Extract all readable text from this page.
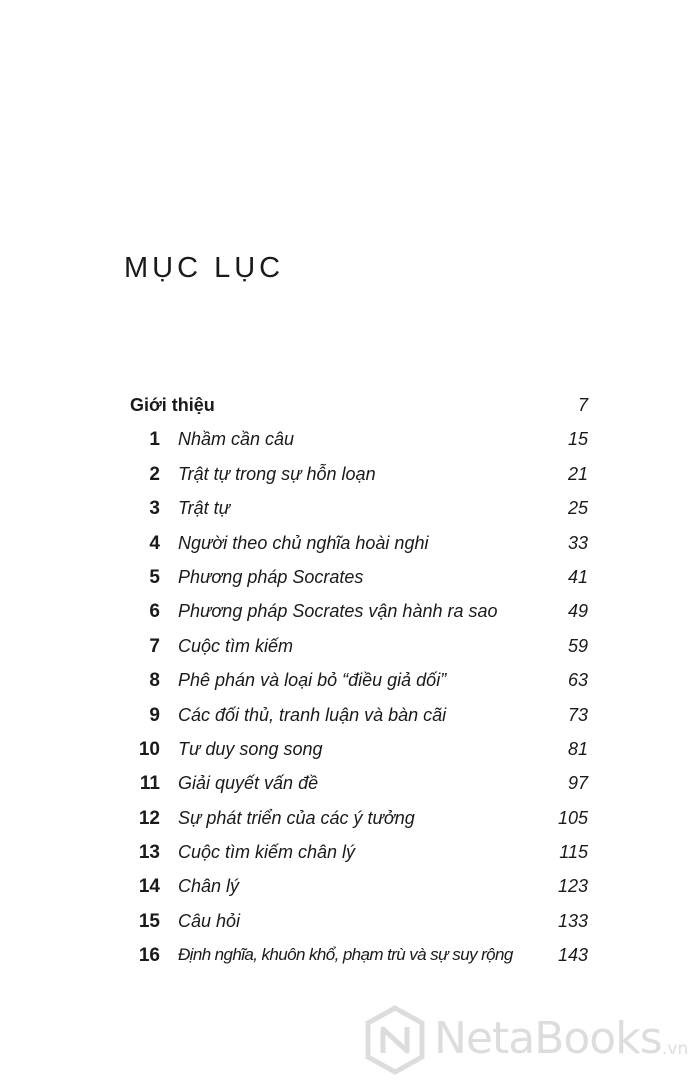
MỤC LỤC
Giới thiệu	7
1 Nhầm cần câu	15
2 Trật tự trong sự hỗn loạn	21
3 Trật tự	25
4 Người theo chủ nghĩa hoài nghi	33
5 Phương pháp Socrates	41
6 Phương pháp Socrates vận hành ra sao	49
7 Cuộc tìm kiếm	59
8 Phê phán và loại bỏ “điều giả dối”	63
9 Các đối thủ, tranh luận và bàn cãi	73
10 Tư duy song song	81
11 Giải quyết vấn đề	97
12 Sự phát triển của các ý tưởng	105
13 Cuộc tìm kiếm chân lý	115
14 Chân lý	123
15 Câu hỏi	133
16 Định nghĩa, khuôn khổ, phạm trù và sự suy rộng	143
NetaBooks .vn
